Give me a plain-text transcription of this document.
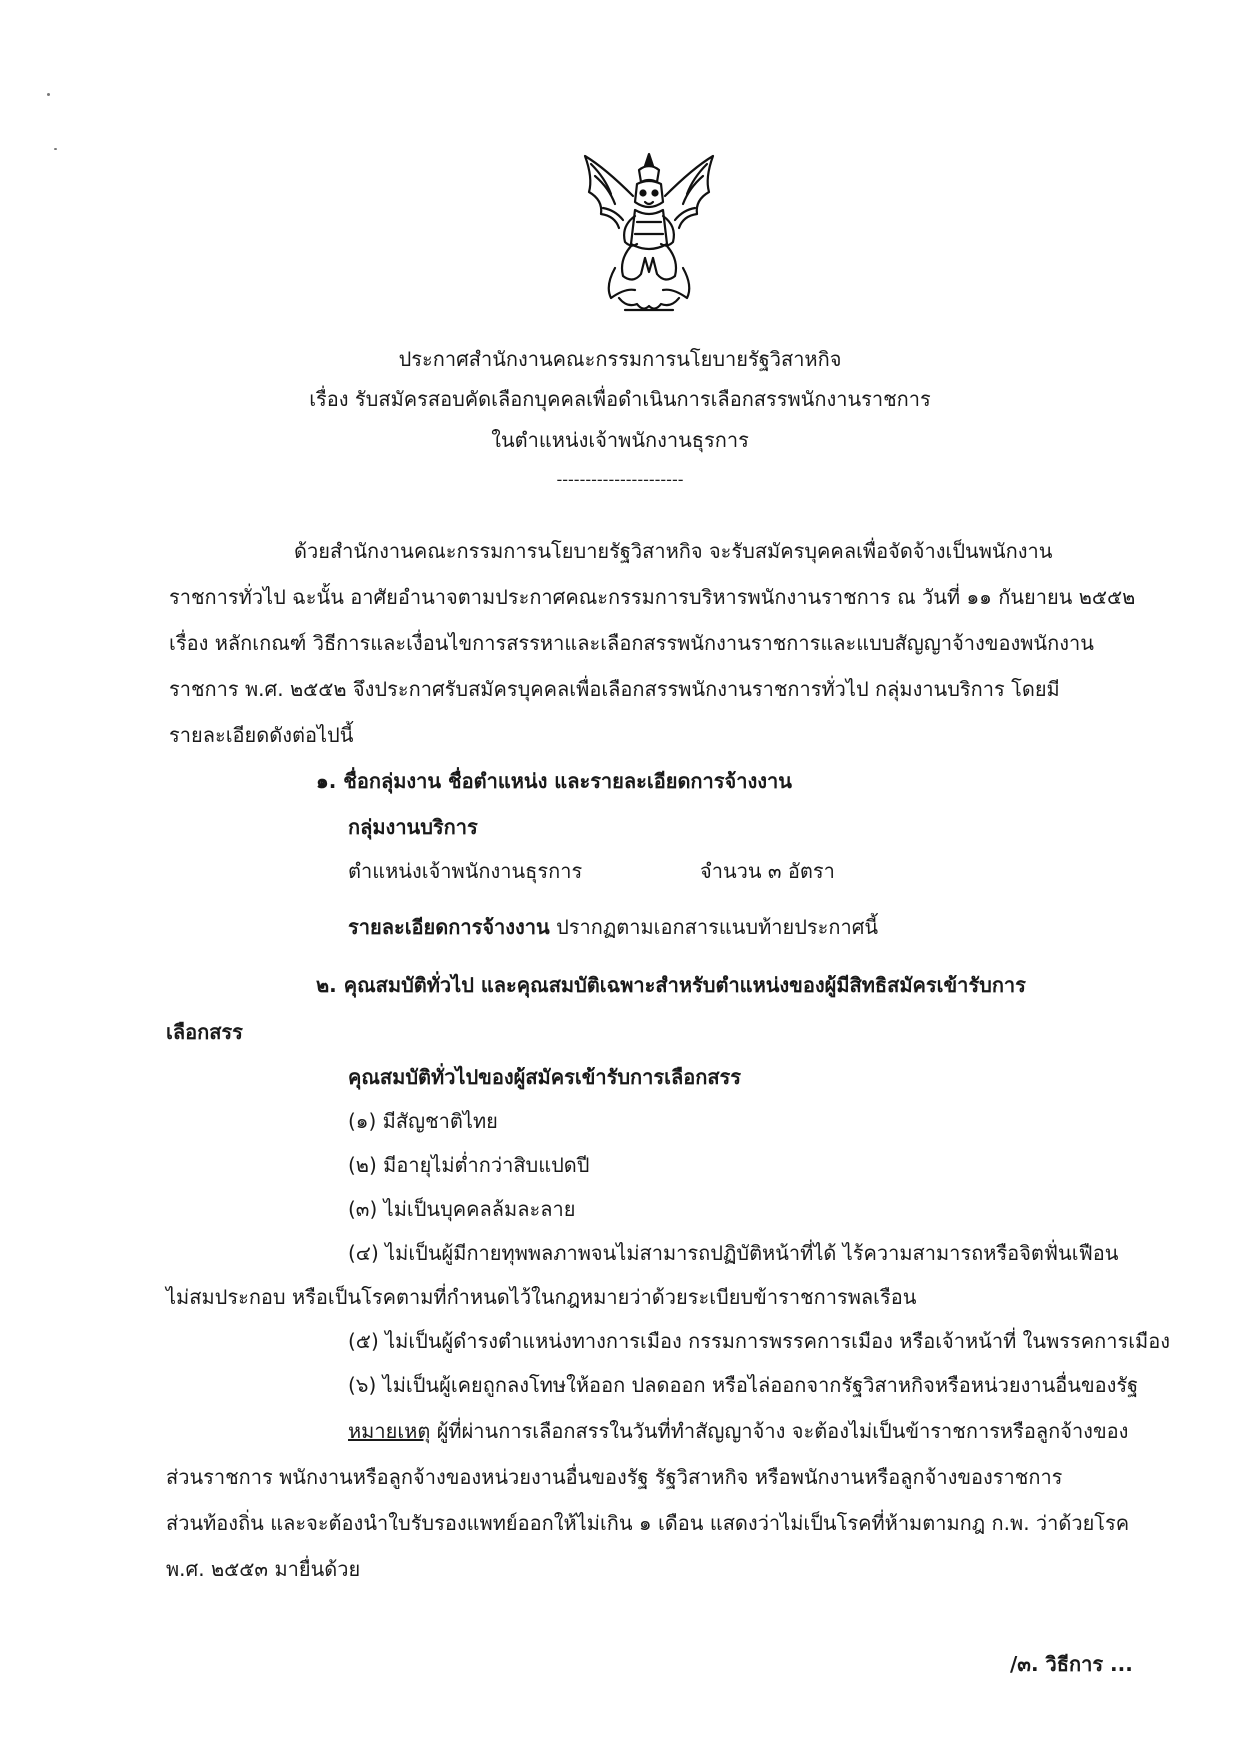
ประกาศสำนักงานคณะกรรมการนโยบายรัฐวิสาหกิจ
เรื่อง รับสมัครสอบคัดเลือกบุคคลเพื่อดำเนินการเลือกสรรพนักงานราชการ
ในตำแหน่งเจ้าพนักงานธุรการ
----------------------
ด้วยสำนักงานคณะกรรมการนโยบายรัฐวิสาหกิจ จะรับสมัครบุคคลเพื่อจัดจ้างเป็นพนักงาน
ราชการทั่วไป ฉะนั้น อาศัยอำนาจตามประกาศคณะกรรมการบริหารพนักงานราชการ ณ วันที่ ๑๑ กันยายน ๒๕๕๒
เรื่อง หลักเกณฑ์ วิธีการและเงื่อนไขการสรรหาและเลือกสรรพนักงานราชการและแบบสัญญาจ้างของพนักงาน
ราชการ พ.ศ. ๒๕๕๒ จึงประกาศรับสมัครบุคคลเพื่อเลือกสรรพนักงานราชการทั่วไป กลุ่มงานบริการ โดยมี
รายละเอียดดังต่อไปนี้
๑. ชื่อกลุ่มงาน ชื่อตำแหน่ง และรายละเอียดการจ้างงาน
กลุ่มงานบริการ
ตำแหน่งเจ้าพนักงานธุรการ	จำนวน ๓ อัตรา
รายละเอียดการจ้างงาน ปรากฏตามเอกสารแนบท้ายประกาศนี้
๒. คุณสมบัติทั่วไป และคุณสมบัติเฉพาะสำหรับตำแหน่งของผู้มีสิทธิสมัครเข้ารับการ
เลือกสรร
คุณสมบัติทั่วไปของผู้สมัครเข้ารับการเลือกสรร
(๑) มีสัญชาติไทย
(๒) มีอายุไม่ต่ำกว่าสิบแปดปี
(๓) ไม่เป็นบุคคลล้มละลาย
(๔) ไม่เป็นผู้มีกายทุพพลภาพจนไม่สามารถปฏิบัติหน้าที่ได้ ไร้ความสามารถหรือจิตฟั่นเฟือน
ไม่สมประกอบ หรือเป็นโรคตามที่กำหนดไว้ในกฎหมายว่าด้วยระเบียบข้าราชการพลเรือน
(๕) ไม่เป็นผู้ดำรงตำแหน่งทางการเมือง กรรมการพรรคการเมือง หรือเจ้าหน้าที่ ในพรรคการเมือง
(๖) ไม่เป็นผู้เคยถูกลงโทษให้ออก ปลดออก หรือไล่ออกจากรัฐวิสาหกิจหรือหน่วยงานอื่นของรัฐ
หมายเหตุ ผู้ที่ผ่านการเลือกสรรในวันที่ทำสัญญาจ้าง จะต้องไม่เป็นข้าราชการหรือลูกจ้างของ
ส่วนราชการ พนักงานหรือลูกจ้างของหน่วยงานอื่นของรัฐ รัฐวิสาหกิจ หรือพนักงานหรือลูกจ้างของราชการ
ส่วนท้องถิ่น และจะต้องนำใบรับรองแพทย์ออกให้ไม่เกิน ๑ เดือน แสดงว่าไม่เป็นโรคที่ห้ามตามกฎ ก.พ. ว่าด้วยโรค
พ.ศ. ๒๕๕๓ มายื่นด้วย
/๓. วิธีการ ...
